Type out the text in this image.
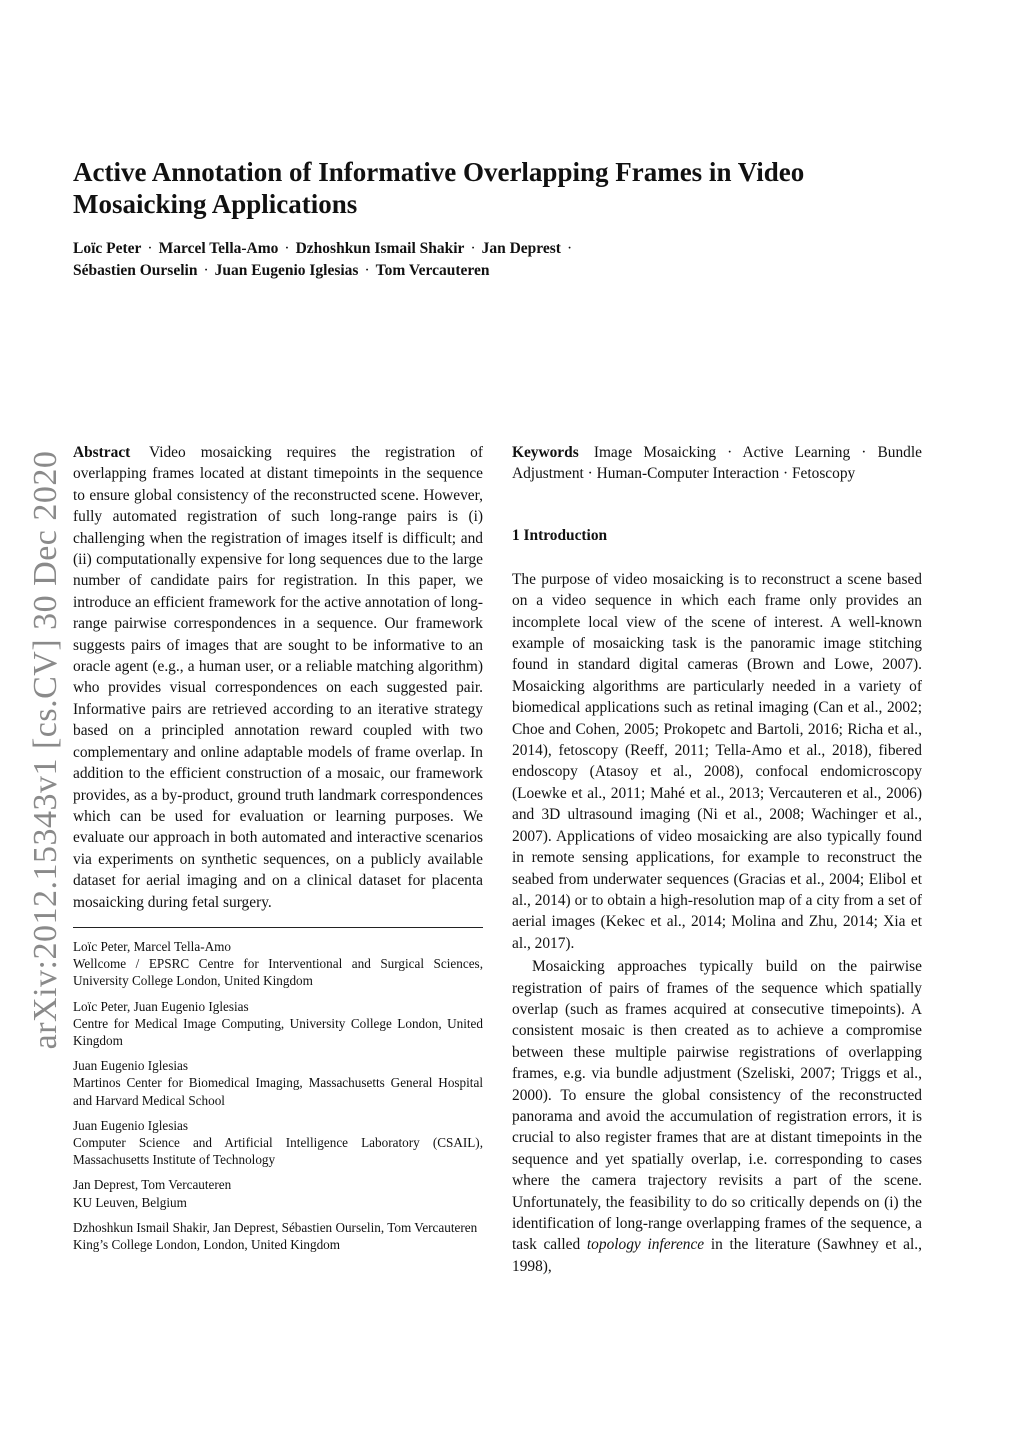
arXiv:2012.15343v1 [cs.CV] 30 Dec 2020
Active Annotation of Informative Overlapping Frames in Video Mosaicking Applications
Loïc Peter · Marcel Tella-Amo · Dzhoshkun Ismail Shakir · Jan Deprest ·
Sébastien Ourselin · Juan Eugenio Iglesias · Tom Vercauteren

Abstract Video mosaicking requires the registration of overlapping frames located at distant timepoints in the sequence to ensure global consistency of the reconstructed scene. However, fully automated registration of such long-range pairs is (i) challenging when the registration of images itself is difficult; and (ii) computationally expensive for long sequences due to the large number of candidate pairs for registration. In this paper, we introduce an efficient framework for the active annotation of long-range pairwise correspondences in a sequence. Our framework suggests pairs of images that are sought to be informative to an oracle agent (e.g., a human user, or a reliable matching algorithm) who provides visual correspondences on each suggested pair. Informative pairs are retrieved according to an iterative strategy based on a principled annotation reward coupled with two complementary and online adaptable models of frame overlap. In addition to the efficient construction of a mosaic, our framework provides, as a by-product, ground truth landmark correspondences which can be used for evaluation or learning purposes. We evaluate our approach in both automated and interactive scenarios via experiments on synthetic sequences, on a publicly available dataset for aerial imaging and on a clinical dataset for placenta mosaicking during fetal surgery.

Loïc Peter, Marcel Tella-Amo
Wellcome / EPSRC Centre for Interventional and Surgical Sciences, University College London, United Kingdom

Loïc Peter, Juan Eugenio Iglesias
Centre for Medical Image Computing, University College London, United Kingdom

Juan Eugenio Iglesias
Martinos Center for Biomedical Imaging, Massachusetts General Hospital and Harvard Medical School

Juan Eugenio Iglesias
Computer Science and Artificial Intelligence Laboratory (CSAIL), Massachusetts Institute of Technology

Jan Deprest, Tom Vercauteren
KU Leuven, Belgium

Dzhoshkun Ismail Shakir, Jan Deprest, Sébastien Ourselin, Tom Vercauteren
King’s College London, London, United Kingdom

Keywords Image Mosaicking · Active Learning · Bundle Adjustment · Human-Computer Interaction · Fetoscopy

1 Introduction

The purpose of video mosaicking is to reconstruct a scene based on a video sequence in which each frame only provides an incomplete local view of the scene of interest. A well-known example of mosaicking task is the panoramic image stitching found in standard digital cameras (Brown and Lowe, 2007). Mosaicking algorithms are particularly needed in a variety of biomedical applications such as retinal imaging (Can et al., 2002; Choe and Cohen, 2005; Prokopetc and Bartoli, 2016; Richa et al., 2014), fetoscopy (Reeff, 2011; Tella-Amo et al., 2018), fibered endoscopy (Atasoy et al., 2008), confocal endomicroscopy (Loewke et al., 2011; Mahé et al., 2013; Vercauteren et al., 2006) and 3D ultrasound imaging (Ni et al., 2008; Wachinger et al., 2007). Applications of video mosaicking are also typically found in remote sensing applications, for example to reconstruct the seabed from underwater sequences (Gracias et al., 2004; Elibol et al., 2014) or to obtain a high-resolution map of a city from a set of aerial images (Kekec et al., 2014; Molina and Zhu, 2014; Xia et al., 2017).

Mosaicking approaches typically build on the pairwise registration of pairs of frames of the sequence which spatially overlap (such as frames acquired at consecutive timepoints). A consistent mosaic is then created as to achieve a compromise between these multiple pairwise registrations of overlapping frames, e.g. via bundle adjustment (Szeliski, 2007; Triggs et al., 2000). To ensure the global consistency of the reconstructed panorama and avoid the accumulation of registration errors, it is crucial to also register frames that are at distant timepoints in the sequence and yet spatially overlap, i.e. corresponding to cases where the camera trajectory revisits a part of the scene. Unfortunately, the feasibility to do so critically depends on (i) the identification of long-range overlapping frames of the sequence, a task called topology inference in the literature (Sawhney et al., 1998),
